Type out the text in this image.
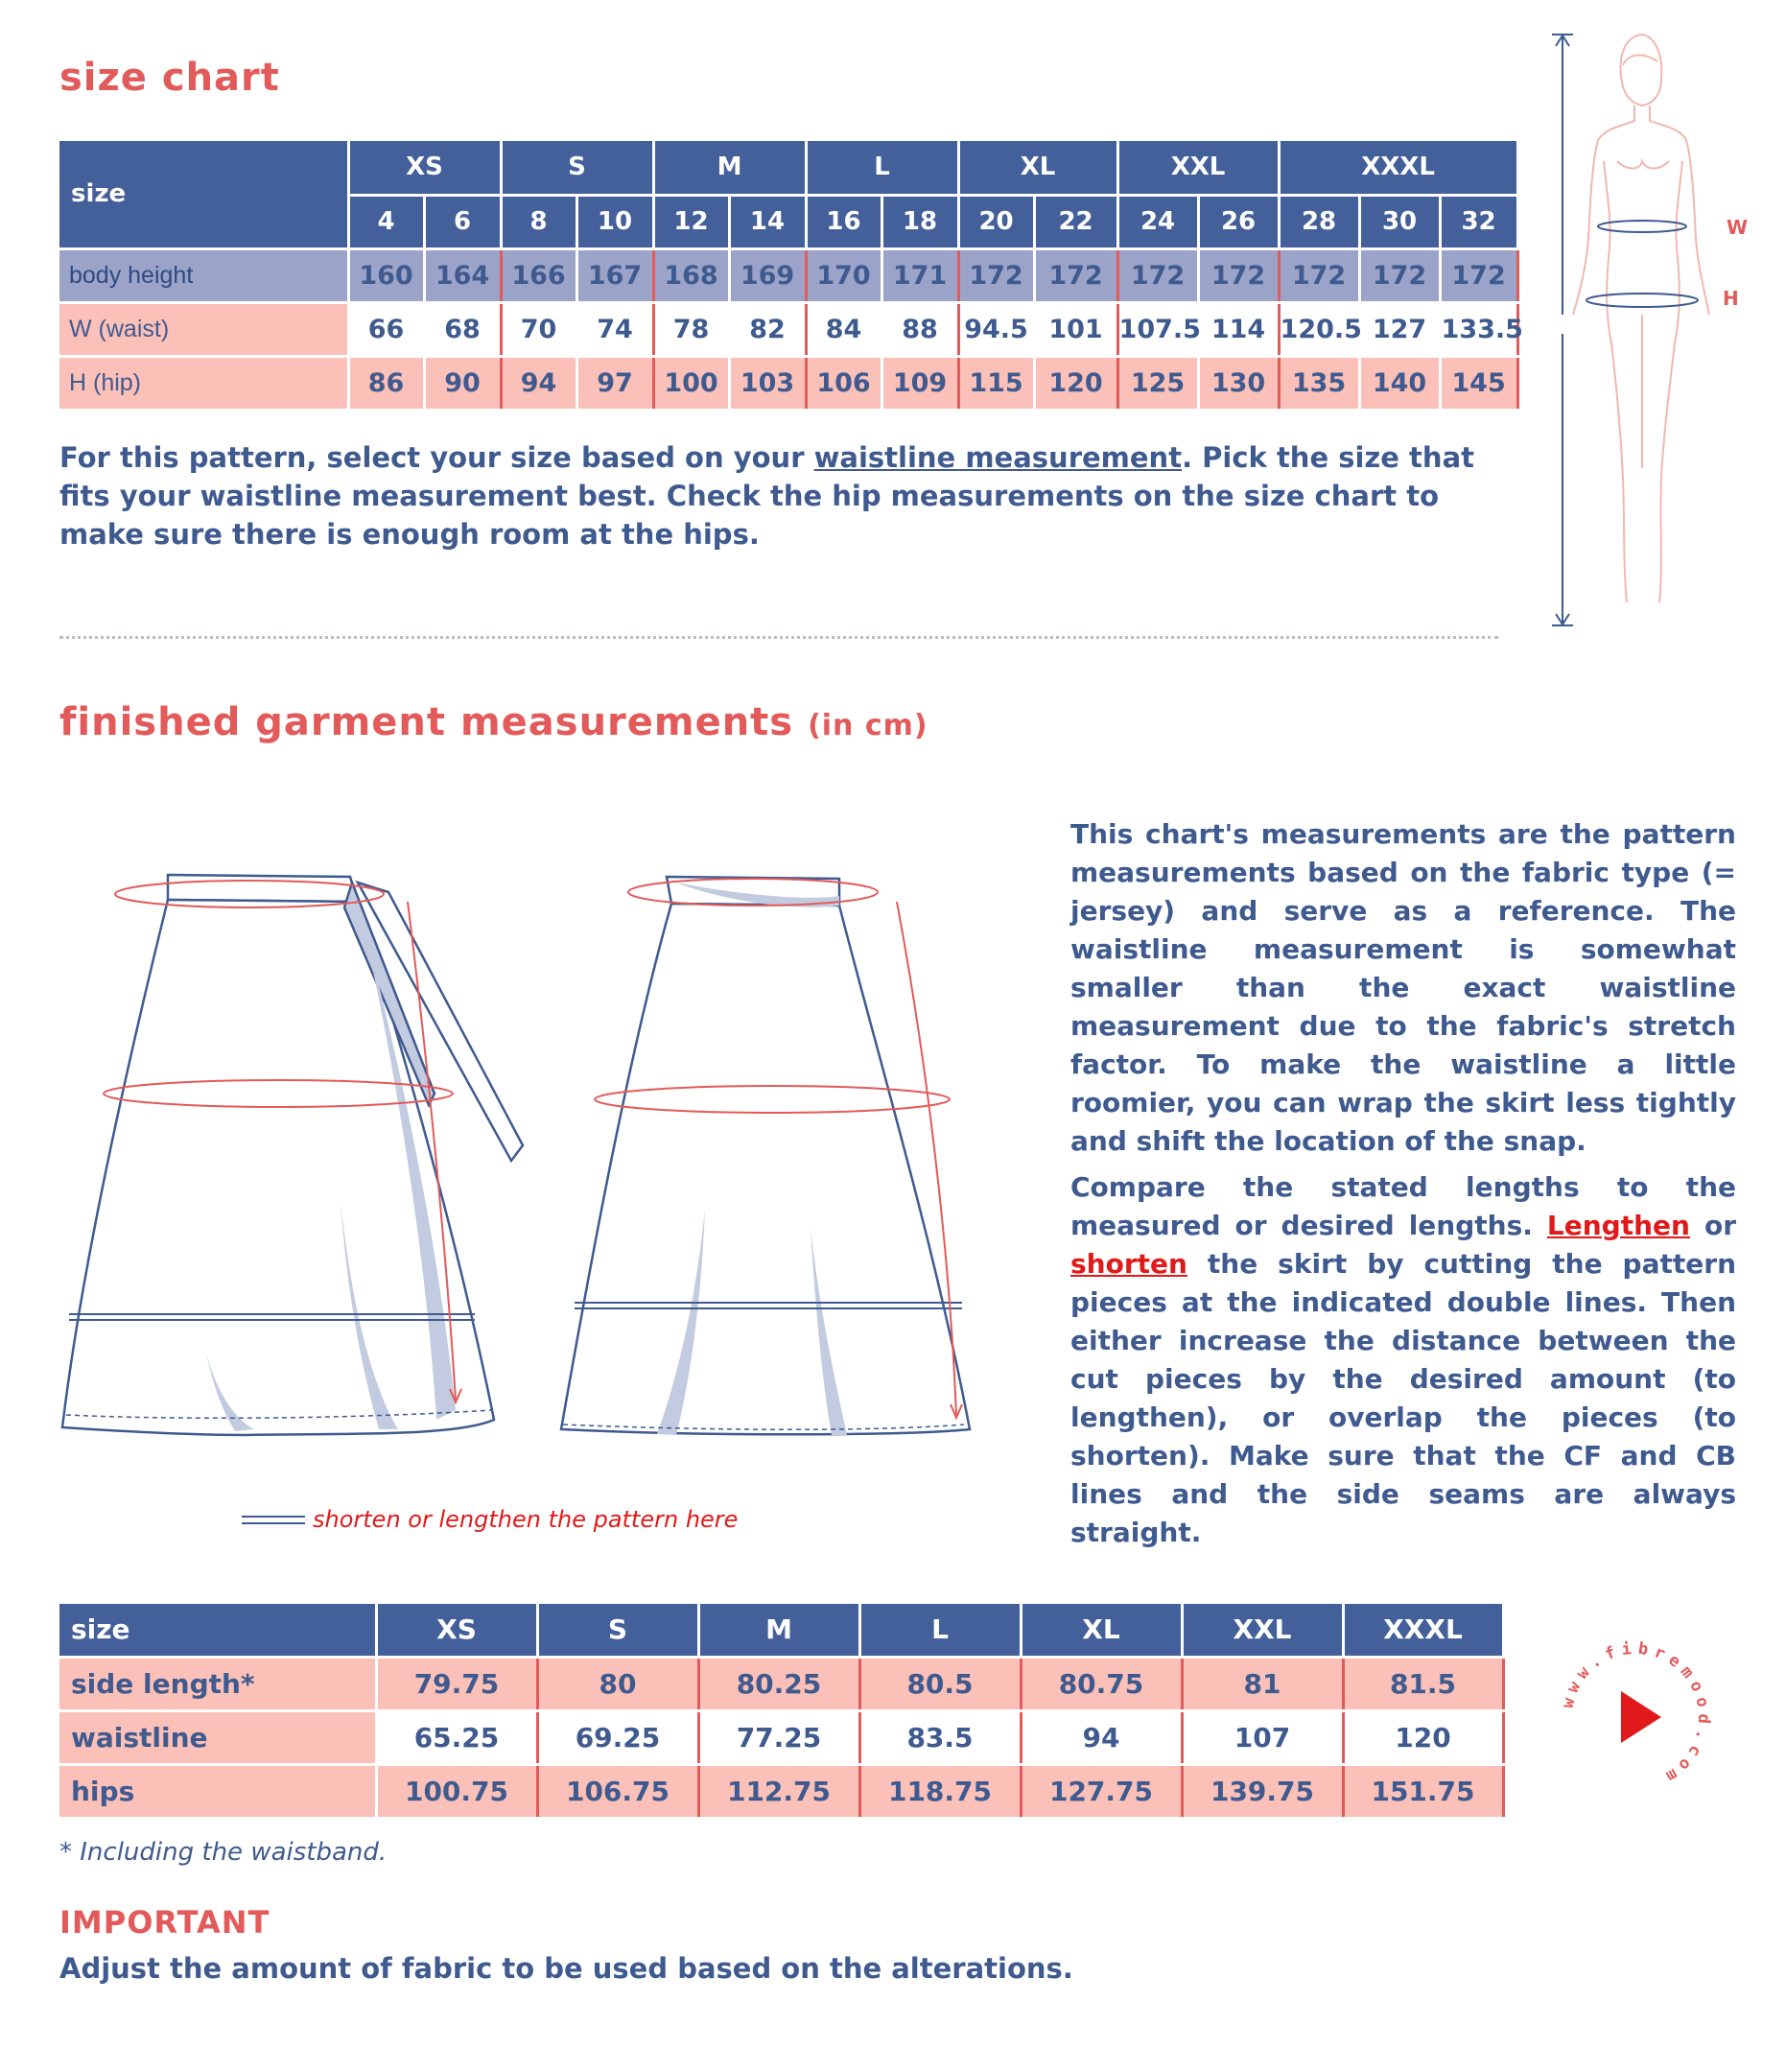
size chart
size	XS		S		M		L		XL		XXL		XXXL		
	4	6	8	10	12	14	16	18	20	22	24	26	28	30	32
body height	160	164	166	167	168	169	170	171	172	172	172	172	172	172	172
W (waist)	66	68	70	74	78	82	84	88	94.5	101	107.5	114	120.5	127	133.5
H (hip)	86	90	94	97	100	103	106	109	115	120	125	130	135	140	145

For this pattern, select your size based on your waistline measurement. Pick the size that fits your waistline measurement best. Check the hip measurements on the size chart to make sure there is enough room at the hips.

W
H
finished garment measurements (in cm)
shorten or lengthen the pattern here

This chart's measurements are the pattern measurements based on the fabric type (= jersey) and serve as a reference. The waistline measurement is somewhat smaller than the exact waistline measurement due to the fabric's stretch factor. To make the waistline a little roomier, you can wrap the skirt less tightly and shift the location of the snap.

Compare the stated lengths to the measured or desired lengths. Lengthen or shorten the skirt by cutting the pattern pieces at the indicated double lines. Then either increase the distance between the cut pieces by the desired amount (to lengthen), or overlap the pieces (to shorten). Make sure that the CF and CB lines and the side seams are always straight.

size	XS	S	M	L	XL	XXL	XXXL
side length*	79.75	80	80.25	80.5	80.75	81	81.5
waistline	65.25	69.25	77.25	83.5	94	107	120
hips	100.75	106.75	112.75	118.75	127.75	139.75	151.75
* Including the waistband.
www.fibremood.com
IMPORTANT

Adjust the amount of fabric to be used based on the alterations.
